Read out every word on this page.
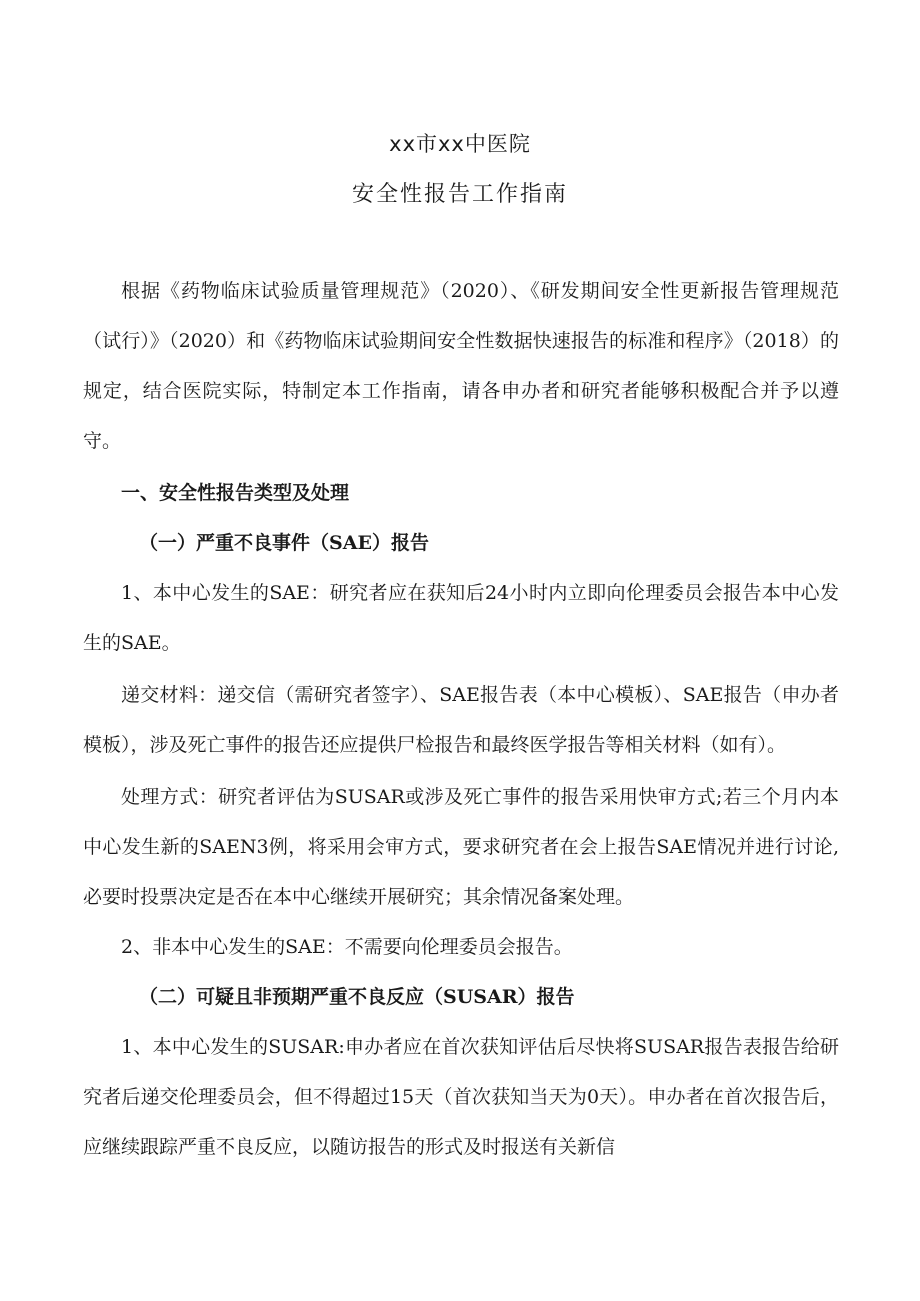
xx市xx中医院
安全性报告工作指南

根据《药物临床试验质量管理规范》（2020）、《研发期间安全性更新报告管理规范（试行）》（2020）和《药物临床试验期间安全性数据快速报告的标准和程序》（2018）的规定，结合医院实际，特制定本工作指南，请各申办者和研究者能够积极配合并予以遵守。

一、安全性报告类型及处理

（一）严重不良事件（SAE）报告

1、本中心发生的SAE：研究者应在获知后24小时内立即向伦理委员会报告本中心发生的SAE。

递交材料：递交信（需研究者签字）、SAE报告表（本中心模板）、SAE报告（申办者模板），涉及死亡事件的报告还应提供尸检报告和最终医学报告等相关材料（如有）。

处理方式：研究者评估为SUSAR或涉及死亡事件的报告采用快审方式;若三个月内本中心发生新的SAEN3例，将采用会审方式，要求研究者在会上报告SAE情况并进行讨论,必要时投票决定是否在本中心继续开展研究；其余情况备案处理。

2、非本中心发生的SAE：不需要向伦理委员会报告。

（二）可疑且非预期严重不良反应（SUSAR）报告

1、本中心发生的SUSAR:申办者应在首次获知评估后尽快将SUSAR报告表报告给研究者后递交伦理委员会，但不得超过15天（首次获知当天为0天）。申办者在首次报告后，应继续跟踪严重不良反应，以随访报告的形式及时报送有关新信
